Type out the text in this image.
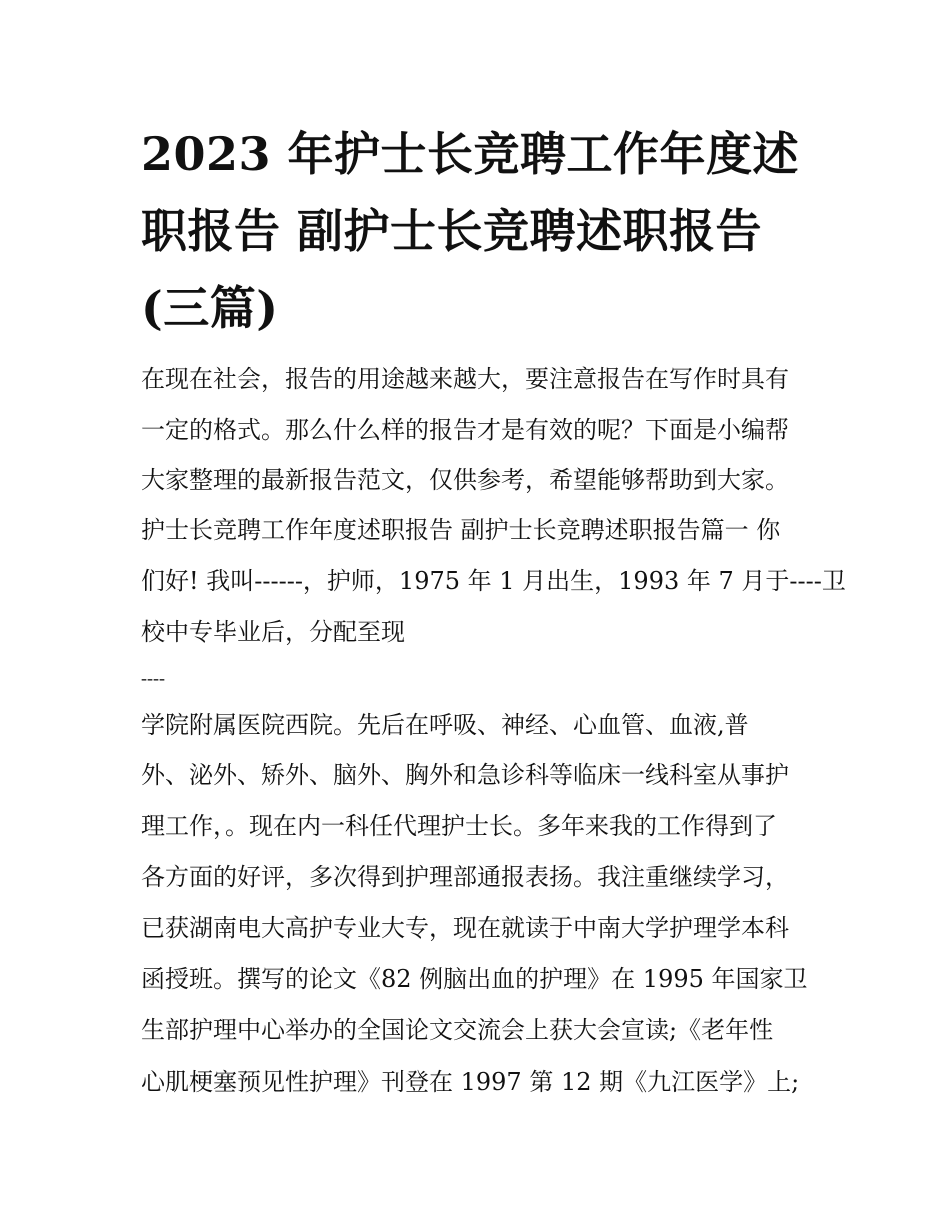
2023 年护士长竞聘工作年度述
职报告 副护士长竞聘述职报告
(三篇)

在现在社会，报告的用途越来越大，要注意报告在写作时具有

一定的格式。那么什么样的报告才是有效的呢？下面是小编帮

大家整理的最新报告范文，仅供参考，希望能够帮助到大家。

护士长竞聘工作年度述职报告 副护士长竞聘述职报告篇一 你

们好! 我叫------，护师，1975 年 1 月出生，1993 年 7 月于----卫

校中专毕业后，分配至现

----

学院附属医院西院。先后在呼吸、神经、心血管、血液,普

外、泌外、矫外、脑外、胸外和急诊科等临床一线科室从事护

理工作，。现在内一科任代理护士长。多年来我的工作得到了

各方面的好评，多次得到护理部通报表扬。我注重继续学习，

已获湖南电大高护专业大专，现在就读于中南大学护理学本科

函授班。撰写的论文《82 例脑出血的护理》在 1995 年国家卫

生部护理中心举办的全国论文交流会上获大会宣读;《老年性

心肌梗塞预见性护理》刊登在 1997 第 12 期《九江医学》上;
